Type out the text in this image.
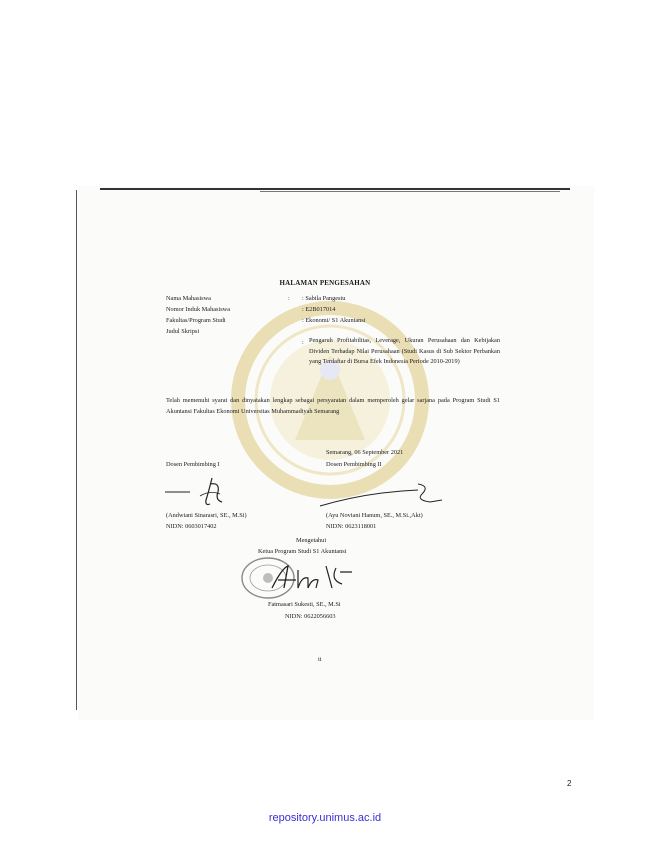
HALAMAN PENGESAHAN
Nama Mahasiswa	: : Sabila Pangestu
Nomor Induk Mahasiswa	: E2B017014
Fakultas/Program Studi	: Ekonomi/ S1 Akuntansi
Judul Skripsi
: Pengaruh Profitabilitas, Leverage, Ukuran Perusahaan dan Kebijakan Dividen Terhadap Nilai Perusahaan (Studi Kasus di Sub Sektor Perbankan yang Terdaftar di Bursa Efek Indonesia Periode 2010-2019)
Telah memenuhi syarat dan dinyatakan lengkap sebagai persyaratan dalam memperoleh gelar sarjana pada Program Studi S1 Akuntansi Fakultas Ekonomi Universitas Muhammadiyah Semarang
Semarang, 06 September 2021
Dosen Pembimbing I	Dosen Pembimbing II
(Andwiani Sinarasri, SE., M.Si)	(Ayu Noviani Hanum, SE., M.Si.,Akt)
NIDN: 0603017402	NIDN: 0623118001
Mengetahui
Ketua Program Studi S1 Akuntansi
Fatmasari Sukesti, SE., M.Si
NIDN: 0622056603
ii
2
repository.unimus.ac.id
